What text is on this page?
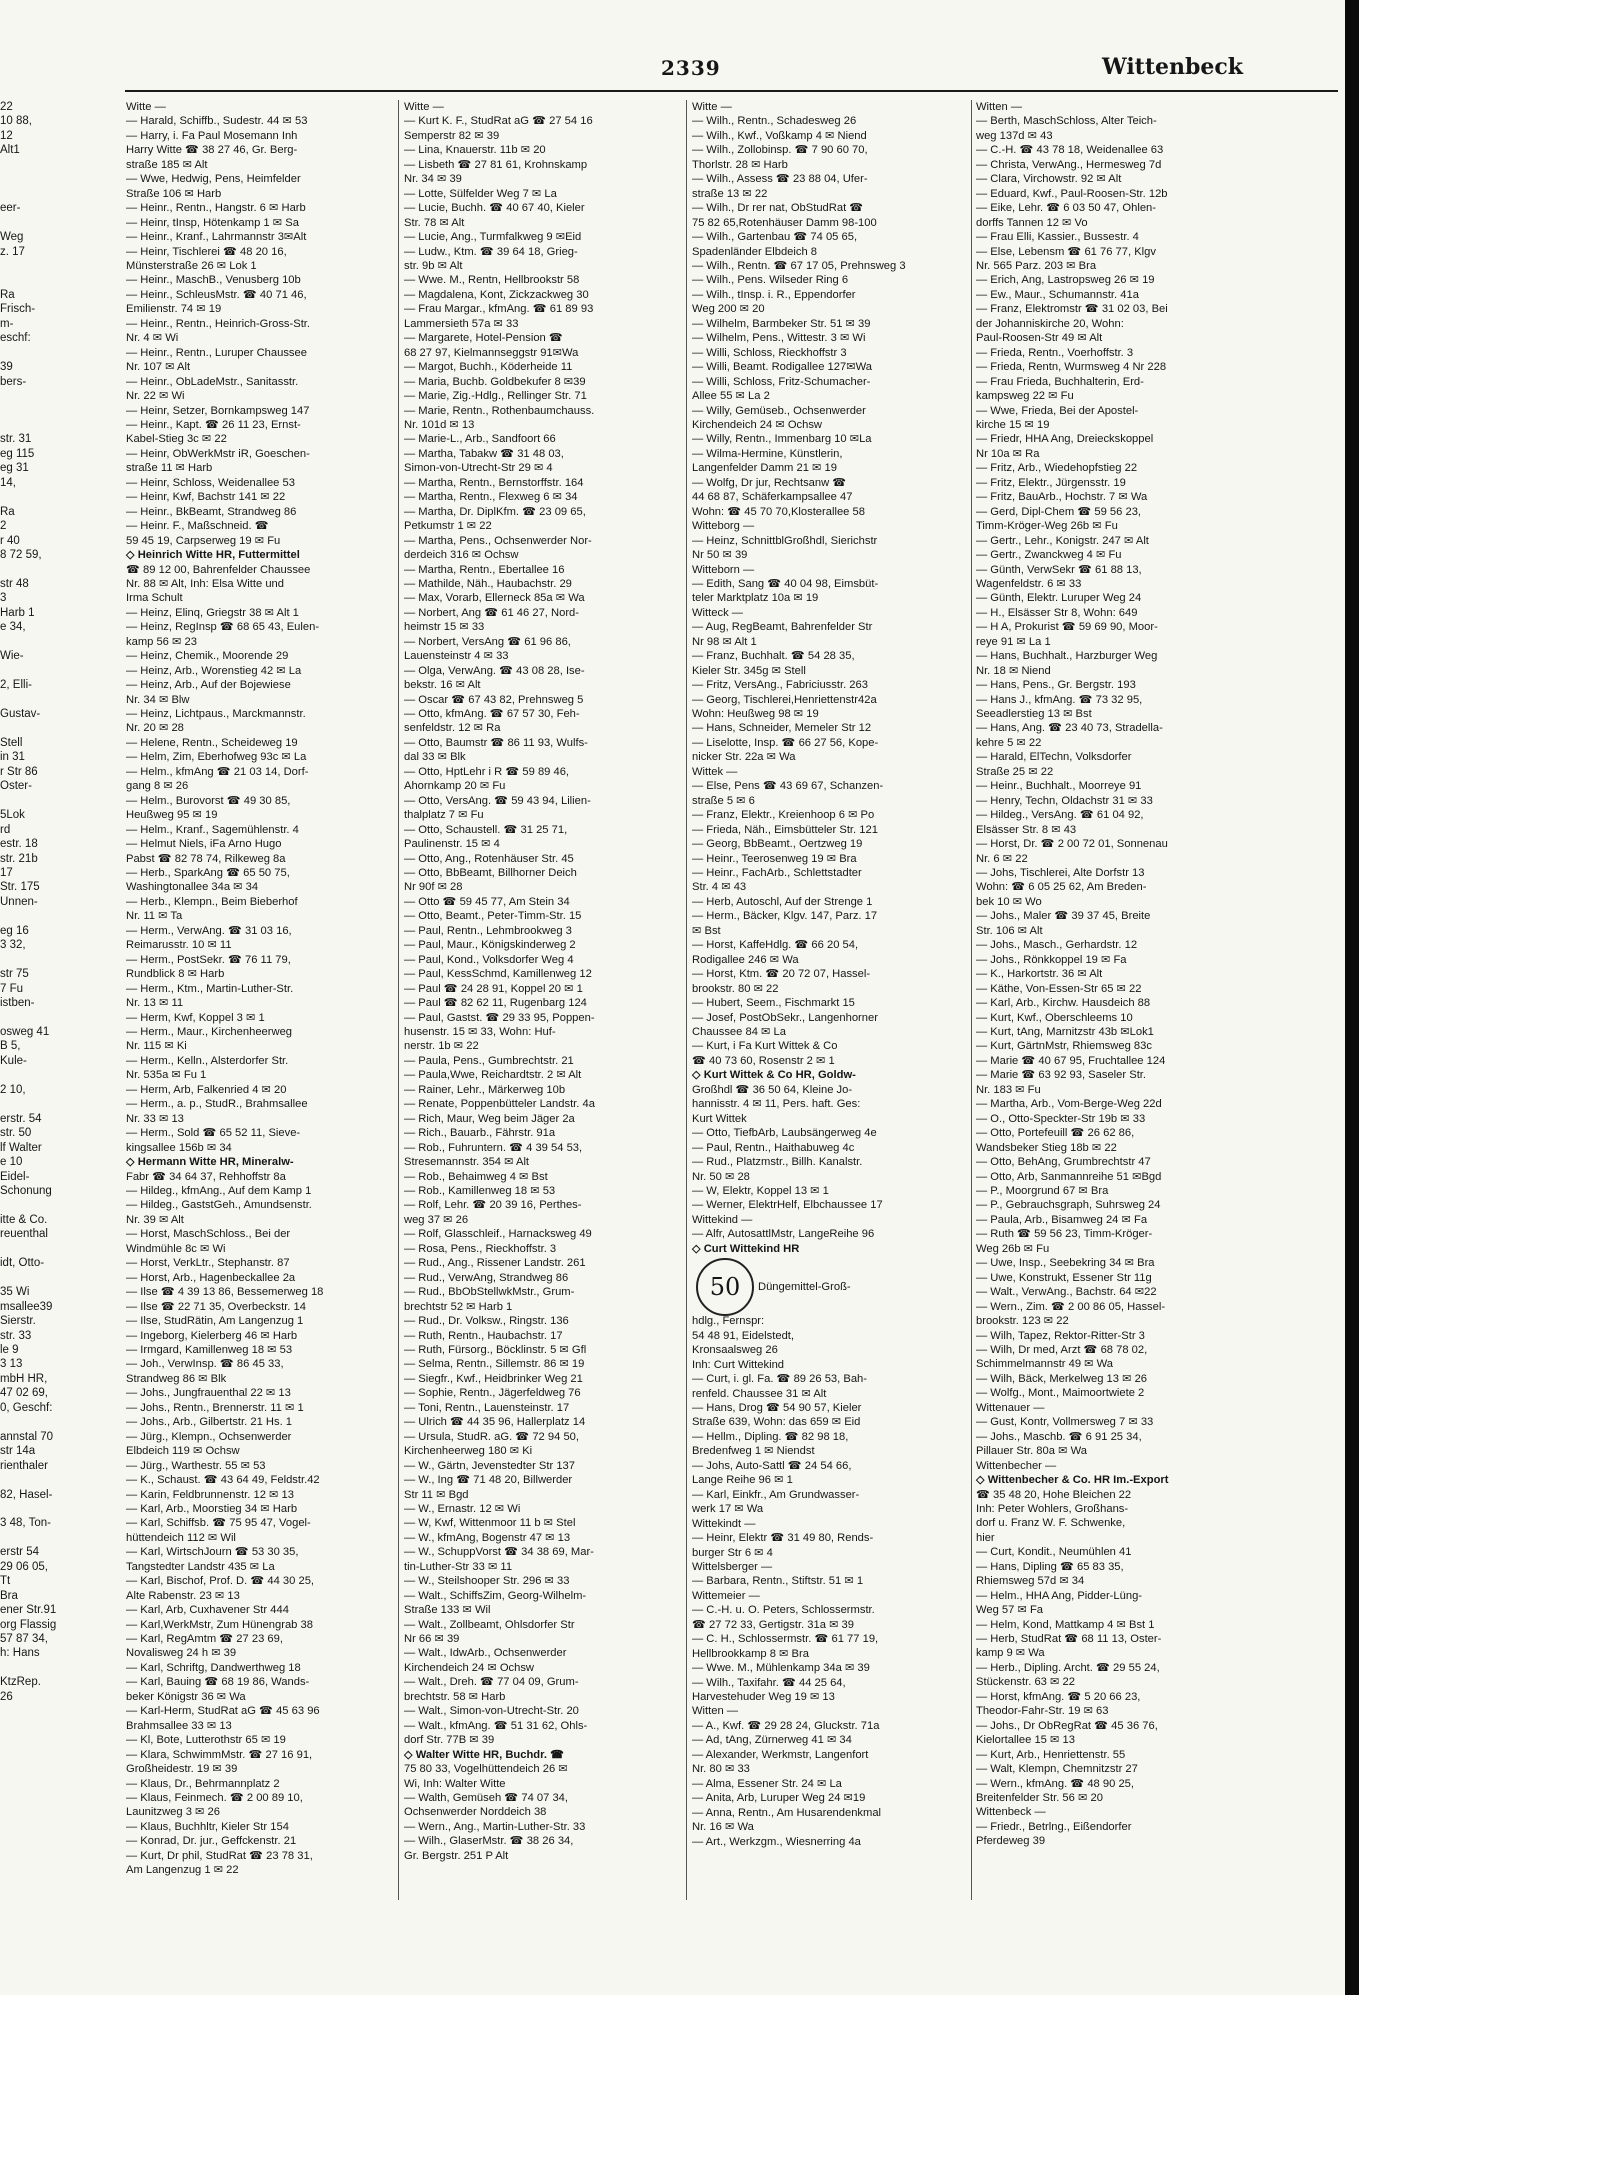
2339	Wittenbeck
22
10 88,
12
Alt1

eer-

Weg
z. 17

Ra
Frisch-
m-
eschf:

39
bers-

str. 31
eg 115
eg 31
14,

Ra
2
r 40
8 72 59,

str 48
3
Harb 1
e 34,

Wie-

2, Elli-

Gustav-

Stell
in 31
r Str 86
Oster-

5Lok
rd
estr. 18
str. 21b
17
Str. 175
Unnen-

eg 16
3 32,

str 75
7 Fu
istben-

osweg 41
B 5,
Kule-

2 10,

erstr. 54
str. 50
lf Walter
e 10
Eidel-
Schonung

itte & Co.
reuenthal

idt, Otto-

35 Wi
msallee39
Sierstr.
str. 33
le 9
3 13
mbH HR,
47 02 69,
0, Geschf:

annstal 70
str 14a
rienthaler

82, Hasel-

3 48, Ton-

erstr 54
29 06 05,
Tt
Bra
ener Str.91
org Flassig
57 87 34,
h: Hans

KtzRep.
26
Witte —
— Harald, Schiffb., Sudestr. 44 ✉ 53
— Harry, i. Fa Paul Mosemann Inh
Harry Witte ☎ 38 27 46, Gr. Berg-
straße 185 ✉ Alt
— Wwe, Hedwig, Pens, Heimfelder
Straße 106 ✉ Harb
— Heinr., Rentn., Hangstr. 6 ✉ Harb
— Heinr, tInsp, Hötenkamp 1 ✉ Sa
— Heinr., Kranf., Lahrmannstr 3✉Alt
— Heinr, Tischlerei ☎ 48 20 16,
Münsterstraße 26 ✉ Lok 1
— Heinr., MaschB., Venusberg 10b
— Heinr., SchleusMstr. ☎ 40 71 46,
Emilienstr. 74 ✉ 19
— Heinr., Rentn., Heinrich-Gross-Str.
Nr. 4 ✉ Wi
— Heinr., Rentn., Luruper Chaussee
Nr. 107 ✉ Alt
— Heinr., ObLadeMstr., Sanitasstr.
Nr. 22 ✉ Wi
— Heinr, Setzer, Bornkampsweg 147
— Heinr., Kapt. ☎ 26 11 23, Ernst-
Kabel-Stieg 3c ✉ 22
— Heinr, ObWerkMstr iR, Goeschen-
straße 11 ✉ Harb
— Heinr, Schloss, Weidenallee 53
— Heinr, Kwf, Bachstr 141 ✉ 22
— Heinr., BkBeamt, Strandweg 86
— Heinr. F., Maßschneid. ☎
59 45 19, Carpserweg 19 ✉ Fu
◇ Heinrich Witte HR, Futtermittel
☎ 89 12 00, Bahrenfelder Chaussee
Nr. 88 ✉ Alt, Inh: Elsa Witte und
Irma Schult
— Heinz, Elinq, Griegstr 38 ✉ Alt 1
— Heinz, RegInsp ☎ 68 65 43, Eulen-
kamp 56 ✉ 23
— Heinz, Chemik., Moorende 29
— Heinz, Arb., Worenstieg 42 ✉ La
— Heinz, Arb., Auf der Bojewiese
Nr. 34 ✉ Blw
— Heinz, Lichtpaus., Marckmannstr.
Nr. 20 ✉ 28
— Helene, Rentn., Scheideweg 19
— Helm, Zim, Eberhofweg 93c ✉ La
— Helm., kfmAng ☎ 21 03 14, Dorf-
gang 8 ✉ 26
— Helm., Burovorst ☎ 49 30 85,
Heußweg 95 ✉ 19
— Helm., Kranf., Sagemühlenstr. 4
— Helmut Niels, iFa Arno Hugo
Pabst ☎ 82 78 74, Rilkeweg 8a
— Herb., SparkAng ☎ 65 50 75,
Washingtonallee 34a ✉ 34
— Herb., Klempn., Beim Bieberhof
Nr. 11 ✉ Ta
— Herm., VerwAng. ☎ 31 03 16,
Reimarusstr. 10 ✉ 11
— Herm., PostSekr. ☎ 76 11 79,
Rundblick 8 ✉ Harb
— Herm., Ktm., Martin-Luther-Str.
Nr. 13 ✉ 11
— Herm, Kwf, Koppel 3 ✉ 1
— Herm., Maur., Kirchenheerweg
Nr. 115 ✉ Ki
— Herm., Kelln., Alsterdorfer Str.
Nr. 535a ✉ Fu 1
— Herm, Arb, Falkenried 4 ✉ 20
— Herm., a. p., StudR., Brahmsallee
Nr. 33 ✉ 13
— Herm., Sold ☎ 65 52 11, Sieve-
kingsallee 156b ✉ 34
◇ Hermann Witte HR, Mineralw-
Fabr ☎ 34 64 37, Rehhoffstr 8a
— Hildeg., kfmAng., Auf dem Kamp 1
— Hildeg., GaststGeh., Amundsenstr.
Nr. 39 ✉ Alt
— Horst, MaschSchloss., Bei der
Windmühle 8c ✉ Wi
— Horst, VerkLtr., Stephanstr. 87
— Horst, Arb., Hagenbeckallee 2a
— Ilse ☎ 4 39 13 86, Bessemerweg 18
— Ilse ☎ 22 71 35, Overbeckstr. 14
— Ilse, StudRätin, Am Langenzug 1
— Ingeborg, Kielerberg 46 ✉ Harb
— Irmgard, Kamillenweg 18 ✉ 53
— Joh., VerwInsp. ☎ 86 45 33,
Strandweg 86 ✉ Blk
— Johs., Jungfrauenthal 22 ✉ 13
— Johs., Rentn., Brennerstr. 11 ✉ 1
— Johs., Arb., Gilbertstr. 21 Hs. 1
— Jürg., Klempn., Ochsenwerder
Elbdeich 119 ✉ Ochsw
— Jürg., Warthestr. 55 ✉ 53
— K., Schaust. ☎ 43 64 49, Feldstr.42
— Karin, Feldbrunnenstr. 12 ✉ 13
— Karl, Arb., Moorstieg 34 ✉ Harb
— Karl, Schiffsb. ☎ 75 95 47, Vogel-
hüttendeich 112 ✉ Wil
— Karl, WirtschJourn ☎ 53 30 35,
Tangstedter Landstr 435 ✉ La
— Karl, Bischof, Prof. D. ☎ 44 30 25,
Alte Rabenstr. 23 ✉ 13
— Karl, Arb, Cuxhavener Str 444
— Karl,WerkMstr, Zum Hünengrab 38
— Karl, RegAmtm ☎ 27 23 69,
Novalisweg 24 h ✉ 39
— Karl, Schriftg, Dandwerthweg 18
— Karl, Bauing ☎ 68 19 86, Wands-
beker Königstr 36 ✉ Wa
— Karl-Herm, StudRat aG ☎ 45 63 96
Brahmsallee 33 ✉ 13
— Kl, Bote, Lutterothstr 65 ✉ 19
— Klara, SchwimmMstr. ☎ 27 16 91,
Großheidestr. 19 ✉ 39
— Klaus, Dr., Behrmannplatz 2
— Klaus, Feinmech. ☎ 2 00 89 10,
Launitzweg 3 ✉ 26
— Klaus, Buchhltr, Kieler Str 154
— Konrad, Dr. jur., Geffckenstr. 21
— Kurt, Dr phil, StudRat ☎ 23 78 31,
Am Langenzug 1 ✉ 22
Witte —
— Kurt K. F., StudRat aG ☎ 27 54 16
Semperstr 82 ✉ 39
— Lina, Knauerstr. 11b ✉ 20
— Lisbeth ☎ 27 81 61, Krohnskamp
Nr. 34 ✉ 39
— Lotte, Sülfelder Weg 7 ✉ La
— Lucie, Buchh. ☎ 40 67 40, Kieler
Str. 78 ✉ Alt
— Lucie, Ang., Turmfalkweg 9 ✉Eid
— Ludw., Ktm. ☎ 39 64 18, Grieg-
str. 9b ✉ Alt
— Wwe. M., Rentn, Hellbrookstr 58
— Magdalena, Kont, Zickzackweg 30
— Frau Margar., kfmAng. ☎ 61 89 93
Lammersieth 57a ✉ 33
— Margarete, Hotel-Pension ☎
68 27 97, Kielmannseggstr 91✉Wa
— Margot, Buchh., Köderheide 11
— Maria, Buchb. Goldbekufer 8 ✉39
— Marie, Zig.-Hdlg., Rellinger Str. 71
— Marie, Rentn., Rothenbaumchauss.
Nr. 101d ✉ 13
— Marie-L., Arb., Sandfoort 66
— Martha, Tabakw ☎ 31 48 03,
Simon-von-Utrecht-Str 29 ✉ 4
— Martha, Rentn., Bernstorffstr. 164
— Martha, Rentn., Flexweg 6 ✉ 34
— Martha, Dr. DiplKfm. ☎ 23 09 65,
Petkumstr 1 ✉ 22
— Martha, Pens., Ochsenwerder Nor-
derdeich 316 ✉ Ochsw
— Martha, Rentn., Ebertallee 16
— Mathilde, Näh., Haubachstr. 29
— Max, Vorarb, Ellerneck 85a ✉ Wa
— Norbert, Ang ☎ 61 46 27, Nord-
heimstr 15 ✉ 33
— Norbert, VersAng ☎ 61 96 86,
Lauensteinstr 4 ✉ 33
— Olga, VerwAng. ☎ 43 08 28, Ise-
bekstr. 16 ✉ Alt
— Oscar ☎ 67 43 82, Prehnsweg 5
— Otto, kfmAng. ☎ 67 57 30, Feh-
senfeldstr. 12 ✉ Ra
— Otto, Baumstr ☎ 86 11 93, Wulfs-
dal 33 ✉ Blk
— Otto, HptLehr i R ☎ 59 89 46,
Ahornkamp 20 ✉ Fu
— Otto, VersAng. ☎ 59 43 94, Lilien-
thalplatz 7 ✉ Fu
— Otto, Schaustell. ☎ 31 25 71,
Paulinenstr. 15 ✉ 4
— Otto, Ang., Rotenhäuser Str. 45
— Otto, BbBeamt, Billhorner Deich
Nr 90f ✉ 28
— Otto ☎ 59 45 77, Am Stein 34
— Otto, Beamt., Peter-Timm-Str. 15
— Paul, Rentn., Lehmbrookweg 3
— Paul, Maur., Königskinderweg 2
— Paul, Kond., Volksdorfer Weg 4
— Paul, KessSchmd, Kamillenweg 12
— Paul ☎ 24 28 91, Koppel 20 ✉ 1
— Paul ☎ 82 62 11, Rugenbarg 124
— Paul, Gastst. ☎ 29 33 95, Poppen-
husenstr. 15 ✉ 33, Wohn: Huf-
nerstr. 1b ✉ 22
— Paula, Pens., Gumbrechtstr. 21
— Paula,Wwe, Reichardtstr. 2 ✉ Alt
— Rainer, Lehr., Märkerweg 10b
— Renate, Poppenbütteler Landstr. 4a
— Rich, Maur, Weg beim Jäger 2a
— Rich., Bauarb., Fährstr. 91a
— Rob., Fuhruntern. ☎ 4 39 54 53,
Stresemannstr. 354 ✉ Alt
— Rob., Behaimweg 4 ✉ Bst
— Rob., Kamillenweg 18 ✉ 53
— Rolf, Lehr. ☎ 20 39 16, Perthes-
weg 37 ✉ 26
— Rolf, Glasschleif., Harnacksweg 49
— Rosa, Pens., Rieckhoffstr. 3
— Rud., Ang., Rissener Landstr. 261
— Rud., VerwAng, Strandweg 86
— Rud., BbObStellwkMstr., Grum-
brechtstr 52 ✉ Harb 1
— Rud., Dr. Volksw., Ringstr. 136
— Ruth, Rentn., Haubachstr. 17
— Ruth, Fürsorg., Böcklinstr. 5 ✉ Gfl
— Selma, Rentn., Sillemstr. 86 ✉ 19
— Siegfr., Kwf., Heidbrinker Weg 21
— Sophie, Rentn., Jägerfeldweg 76
— Toni, Rentn., Lauensteinstr. 17
— Ulrich ☎ 44 35 96, Hallerplatz 14
— Ursula, StudR. aG. ☎ 72 94 50,
Kirchenheerweg 180 ✉ Ki
— W., Gärtn, Jevenstedter Str 137
— W., Ing ☎ 71 48 20, Billwerder
Str 11 ✉ Bgd
— W., Ernastr. 12 ✉ Wi
— W, Kwf, Wittenmoor 11 b ✉ Stel
— W., kfmAng, Bogenstr 47 ✉ 13
— W., SchuppVorst ☎ 34 38 69, Mar-
tin-Luther-Str 33 ✉ 11
— W., Steilshooper Str. 296 ✉ 33
— Walt., SchiffsZim, Georg-Wilhelm-
Straße 133 ✉ Wil
— Walt., Zollbeamt, Ohlsdorfer Str
Nr 66 ✉ 39
— Walt., IdwArb., Ochsenwerder
Kirchendeich 24 ✉ Ochsw
— Walt., Dreh. ☎ 77 04 09, Grum-
brechtstr. 58 ✉ Harb
— Walt., Simon-von-Utrecht-Str. 20
— Walt., kfmAng. ☎ 51 31 62, Ohls-
dorf Str. 77B ✉ 39
◇ Walter Witte HR, Buchdr. ☎
75 80 33, Vogelhüttendeich 26 ✉
Wi, Inh: Walter Witte
— Walth, Gemüseh ☎ 74 07 34,
Ochsenwerder Norddeich 38
— Wern., Ang., Martin-Luther-Str. 33
— Wilh., GlaserMstr. ☎ 38 26 34,
Gr. Bergstr. 251 P Alt
Witte —
— Wilh., Rentn., Schadesweg 26
— Wilh., Kwf., Voßkamp 4 ✉ Niend
— Wilh., Zollobinsp. ☎ 7 90 60 70,
Thorlstr. 28 ✉ Harb
— Wilh., Assess ☎ 23 88 04, Ufer-
straße 13 ✉ 22
— Wilh., Dr rer nat, ObStudRat ☎
75 82 65,Rotenhäuser Damm 98-100
— Wilh., Gartenbau ☎ 74 05 65,
Spadenländer Elbdeich 8
— Wilh., Rentn. ☎ 67 17 05, Prehnsweg 3
— Wilh., Pens. Wilseder Ring 6
— Wilh., tInsp. i. R., Eppendorfer
Weg 200 ✉ 20
— Wilhelm, Barmbeker Str. 51 ✉ 39
— Wilhelm, Pens., Wittestr. 3 ✉ Wi
— Willi, Schloss, Rieckhoffstr 3
— Willi, Beamt. Rodigallee 127✉Wa
— Willi, Schloss, Fritz-Schumacher-
Allee 55 ✉ La 2
— Willy, Gemüseb., Ochsenwerder
Kirchendeich 24 ✉ Ochsw
— Willy, Rentn., Immenbarg 10 ✉La
— Wilma-Hermine, Künstlerin,
Langenfelder Damm 21 ✉ 19
— Wolfg, Dr jur, Rechtsanw ☎
44 68 87, Schäferkampsallee 47
Wohn: ☎ 45 70 70,Klosterallee 58
Witteborg —
— Heinz, SchnittblGroßhdl, Sierichstr
Nr 50 ✉ 39
Witteborn —
— Edith, Sang ☎ 40 04 98, Eimsbüt-
teler Marktplatz 10a ✉ 19
Witteck —
— Aug, RegBeamt, Bahrenfelder Str
Nr 98 ✉ Alt 1
— Franz, Buchhalt. ☎ 54 28 35,
Kieler Str. 345g ✉ Stell
— Fritz, VersAng., Fabriciusstr. 263
— Georg, Tischlerei,Henriettenstr42a
Wohn: Heußweg 98 ✉ 19
— Hans, Schneider, Memeler Str 12
— Liselotte, Insp. ☎ 66 27 56, Kope-
nicker Str. 22a ✉ Wa
Wittek —
— Else, Pens ☎ 43 69 67, Schanzen-
straße 5 ✉ 6
— Franz, Elektr., Kreienhoop 6 ✉ Po
— Frieda, Näh., Eimsbütteler Str. 121
— Georg, BbBeamt., Oertzweg 19
— Heinr., Teerosenweg 19 ✉ Bra
— Heinr., FachArb., Schlettstadter
Str. 4 ✉ 43
— Herb, Autoschl, Auf der Strenge 1
— Herm., Bäcker, Klgv. 147, Parz. 17
✉ Bst
— Horst, KaffeHdlg. ☎ 66 20 54,
Rodigallee 246 ✉ Wa
— Horst, Ktm. ☎ 20 72 07, Hassel-
brookstr. 80 ✉ 22
— Hubert, Seem., Fischmarkt 15
— Josef, PostObSekr., Langenhorner
Chaussee 84 ✉ La
— Kurt, i Fa Kurt Wittek & Co
☎ 40 73 60, Rosenstr 2 ✉ 1
◇ Kurt Wittek & Co HR, Goldw-
Großhdl ☎ 36 50 64, Kleine Jo-
hannisstr. 4 ✉ 11, Pers. haft. Ges:
Kurt Wittek
— Otto, TiefbArb, Laubsängerweg 4e
— Paul, Rentn., Haithabuweg 4c
— Rud., Platzmstr., Billh. Kanalstr.
Nr. 50 ✉ 28
— W, Elektr, Koppel 13 ✉ 1
— Werner, ElektrHelf, Elbchaussee 17
Wittekind —
— Alfr, AutosattlMstr, LangeReihe 96
◇ Curt Wittekind HR
50 Düngemittel-Groß-
hdlg., Fernspr:
54 48 91, Eidelstedt,
Kronsaalsweg 26
Inh: Curt Wittekind
— Curt, i. gl. Fa. ☎ 89 26 53, Bah-
renfeld. Chaussee 31 ✉ Alt
— Hans, Drog ☎ 54 90 57, Kieler
Straße 639, Wohn: das 659 ✉ Eid
— Hellm., Dipling. ☎ 82 98 18,
Bredenfweg 1 ✉ Niendst
— Johs, Auto-Sattl ☎ 24 54 66,
Lange Reihe 96 ✉ 1
— Karl, Einkfr., Am Grundwasser-
werk 17 ✉ Wa
Wittekindt —
— Heinr, Elektr ☎ 31 49 80, Rends-
burger Str 6 ✉ 4
Wittelsberger —
— Barbara, Rentn., Stiftstr. 51 ✉ 1
Wittemeier —
— C.-H. u. O. Peters, Schlossermstr.
☎ 27 72 33, Gertigstr. 31a ✉ 39
— C. H., Schlossermstr. ☎ 61 77 19,
Hellbrookkamp 8 ✉ Bra
— Wwe. M., Mühlenkamp 34a ✉ 39
— Wilh., Taxifahr. ☎ 44 25 64,
Harvestehuder Weg 19 ✉ 13
Witten —
— A., Kwf. ☎ 29 28 24, Gluckstr. 71a
— Ad, tAng, Zürnerweg 41 ✉ 34
— Alexander, Werkmstr, Langenfort
Nr. 80 ✉ 33
— Alma, Essener Str. 24 ✉ La
— Anita, Arb, Luruper Weg 24 ✉19
— Anna, Rentn., Am Husarendenkmal
Nr. 16 ✉ Wa
— Art., Werkzgm., Wiesnerring 4a
Witten —
— Berth, MaschSchloss, Alter Teich-
weg 137d ✉ 43
— C.-H. ☎ 43 78 18, Weidenallee 63
— Christa, VerwAng., Hermesweg 7d
— Clara, Virchowstr. 92 ✉ Alt
— Eduard, Kwf., Paul-Roosen-Str. 12b
— Eike, Lehr. ☎ 6 03 50 47, Ohlen-
dorffs Tannen 12 ✉ Vo
— Frau Elli, Kassier., Bussestr. 4
— Else, Lebensm ☎ 61 76 77, Klgv
Nr. 565 Parz. 203 ✉ Bra
— Erich, Ang, Lastropsweg 26 ✉ 19
— Ew., Maur., Schumannstr. 41a
— Franz, Elektromstr ☎ 31 02 03, Bei
der Johanniskirche 20, Wohn:
Paul-Roosen-Str 49 ✉ Alt
— Frieda, Rentn., Voerhoffstr. 3
— Frieda, Rentn, Wurmsweg 4 Nr 228
— Frau Frieda, Buchhalterin, Erd-
kampsweg 22 ✉ Fu
— Wwe, Frieda, Bei der Apostel-
kirche 15 ✉ 19
— Friedr, HHA Ang, Dreieckskoppel
Nr 10a ✉ Ra
— Fritz, Arb., Wiedehopfstieg 22
— Fritz, Elektr., Jürgensstr. 19
— Fritz, BauArb., Hochstr. 7 ✉ Wa
— Gerd, Dipl-Chem ☎ 59 56 23,
Timm-Kröger-Weg 26b ✉ Fu
— Gertr., Lehr., Konigstr. 247 ✉ Alt
— Gertr., Zwanckweg 4 ✉ Fu
— Günth, VerwSekr ☎ 61 88 13,
Wagenfeldstr. 6 ✉ 33
— Günth, Elektr. Luruper Weg 24
— H., Elsässer Str 8, Wohn: 649
— H A, Prokurist ☎ 59 69 90, Moor-
reye 91 ✉ La 1
— Hans, Buchhalt., Harzburger Weg
Nr. 18 ✉ Niend
— Hans, Pens., Gr. Bergstr. 193
— Hans J., kfmAng. ☎ 73 32 95,
Seeadlerstieg 13 ✉ Bst
— Hans, Ang. ☎ 23 40 73, Stradella-
kehre 5 ✉ 22
— Harald, ElTechn, Volksdorfer
Straße 25 ✉ 22
— Heinr., Buchhalt., Moorreye 91
— Henry, Techn, Oldachstr 31 ✉ 33
— Hildeg., VersAng. ☎ 61 04 92,
Elsässer Str. 8 ✉ 43
— Horst, Dr. ☎ 2 00 72 01, Sonnenau
Nr. 6 ✉ 22
— Johs, Tischlerei, Alte Dorfstr 13
Wohn: ☎ 6 05 25 62, Am Breden-
bek 10 ✉ Wo
— Johs., Maler ☎ 39 37 45, Breite
Str. 106 ✉ Alt
— Johs., Masch., Gerhardstr. 12
— Johs., Rönkkoppel 19 ✉ Fa
— K., Harkortstr. 36 ✉ Alt
— Käthe, Von-Essen-Str 65 ✉ 22
— Karl, Arb., Kirchw. Hausdeich 88
— Kurt, Kwf., Oberschleems 10
— Kurt, tAng, Marnitzstr 43b ✉Lok1
— Kurt, GärtnMstr, Rhiemsweg 83c
— Marie ☎ 40 67 95, Fruchtallee 124
— Marie ☎ 63 92 93, Saseler Str.
Nr. 183 ✉ Fu
— Martha, Arb., Vom-Berge-Weg 22d
— O., Otto-Speckter-Str 19b ✉ 33
— Otto, Portefeuill ☎ 26 62 86,
Wandsbeker Stieg 18b ✉ 22
— Otto, BehAng, Grumbrechtstr 47
— Otto, Arb, Sanmannreihe 51 ✉Bgd
— P., Moorgrund 67 ✉ Bra
— P., Gebrauchsgraph, Suhrsweg 24
— Paula, Arb., Bisamweg 24 ✉ Fa
— Ruth ☎ 59 56 23, Timm-Kröger-
Weg 26b ✉ Fu
— Uwe, Insp., Seebekring 34 ✉ Bra
— Uwe, Konstrukt, Essener Str 11g
— Walt., VerwAng., Bachstr. 64 ✉22
— Wern., Zim. ☎ 2 00 86 05, Hassel-
brookstr. 123 ✉ 22
— Wilh, Tapez, Rektor-Ritter-Str 3
— Wilh, Dr med, Arzt ☎ 68 78 02,
Schimmelmannstr 49 ✉ Wa
— Wilh, Bäck, Merkelweg 13 ✉ 26
— Wolfg., Mont., Maimoortwiete 2
Wittenauer —
— Gust, Kontr, Vollmersweg 7 ✉ 33
— Johs., Maschb. ☎ 6 91 25 34,
Pillauer Str. 80a ✉ Wa
Wittenbecher —
◇ Wittenbecher & Co. HR Im.-Export
☎ 35 48 20, Hohe Bleichen 22
Inh: Peter Wohlers, Großhans-
dorf u. Franz W. F. Schwenke,
hier
— Curt, Kondit., Neumühlen 41
— Hans, Dipling ☎ 65 83 35,
Rhiemsweg 57d ✉ 34
— Helm., HHA Ang, Pidder-Lüng-
Weg 57 ✉ Fa
— Helm, Kond, Mattkamp 4 ✉ Bst 1
— Herb, StudRat ☎ 68 11 13, Oster-
kamp 9 ✉ Wa
— Herb., Dipling. Archt. ☎ 29 55 24,
Stückenstr. 63 ✉ 22
— Horst, kfmAng. ☎ 5 20 66 23,
Theodor-Fahr-Str. 19 ✉ 63
— Johs., Dr ObRegRat ☎ 45 36 76,
Kielortallee 15 ✉ 13
— Kurt, Arb., Henriettenstr. 55
— Walt, Klempn, Chemnitzstr 27
— Wern., kfmAng. ☎ 48 90 25,
Breitenfelder Str. 56 ✉ 20
Wittenbeck —
— Friedr., Betrlng., Eißendorfer
Pferdeweg 39
